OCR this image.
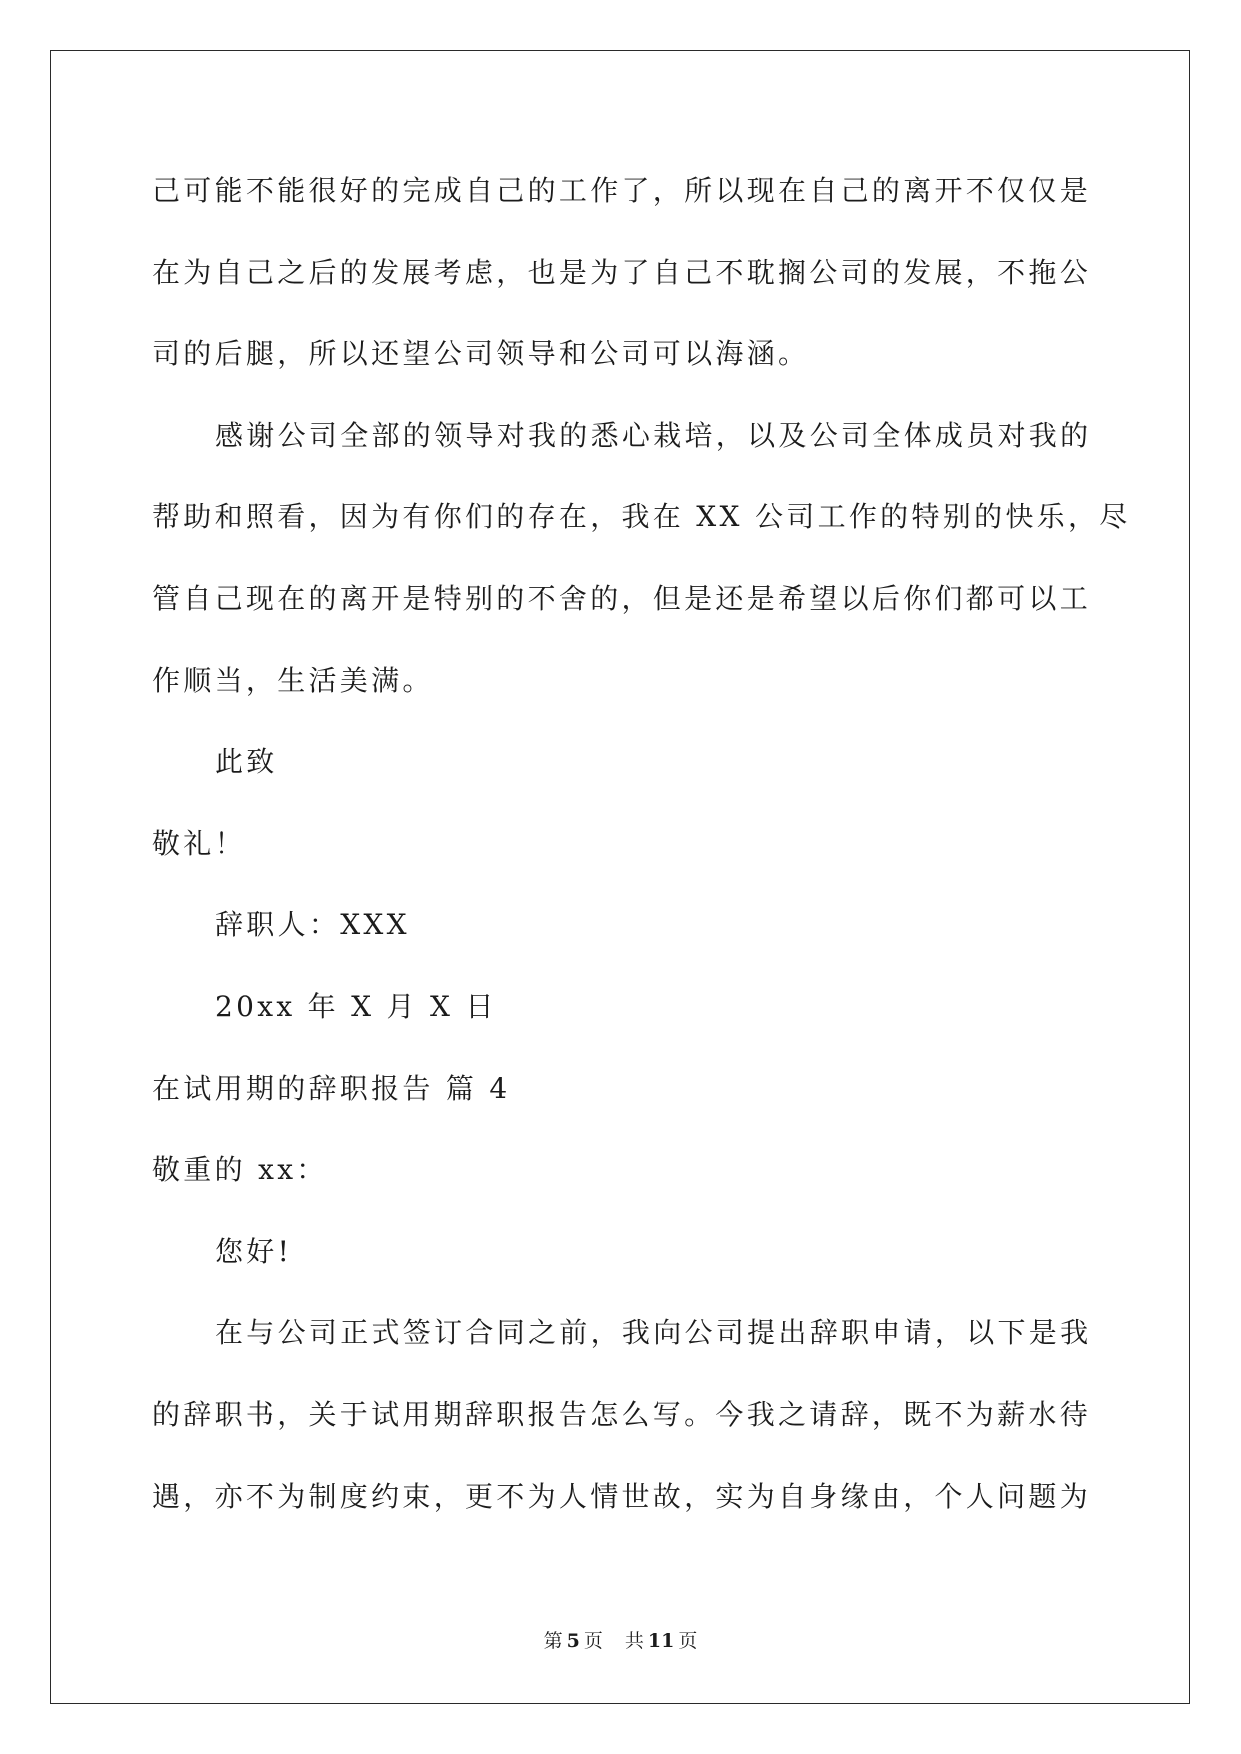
己可能不能很好的完成自己的工作了，所以现在自己的离开不仅仅是
在为自己之后的发展考虑，也是为了自己不耽搁公司的发展，不拖公
司的后腿，所以还望公司领导和公司可以海涵。
感谢公司全部的领导对我的悉心栽培，以及公司全体成员对我的
帮助和照看，因为有你们的存在，我在 XX 公司工作的特别的快乐，尽
管自己现在的离开是特别的不舍的，但是还是希望以后你们都可以工
作顺当，生活美满。
此致
敬礼！
辞职人：XXX
20xx 年 X 月 X 日
在试用期的辞职报告 篇 4
敬重的 xx：
您好!
在与公司正式签订合同之前，我向公司提出辞职申请，以下是我
的辞职书，关于试用期辞职报告怎么写。今我之请辞，既不为薪水待
遇，亦不为制度约束，更不为人情世故，实为自身缘由，个人问题为
第 5 页 共 11 页
